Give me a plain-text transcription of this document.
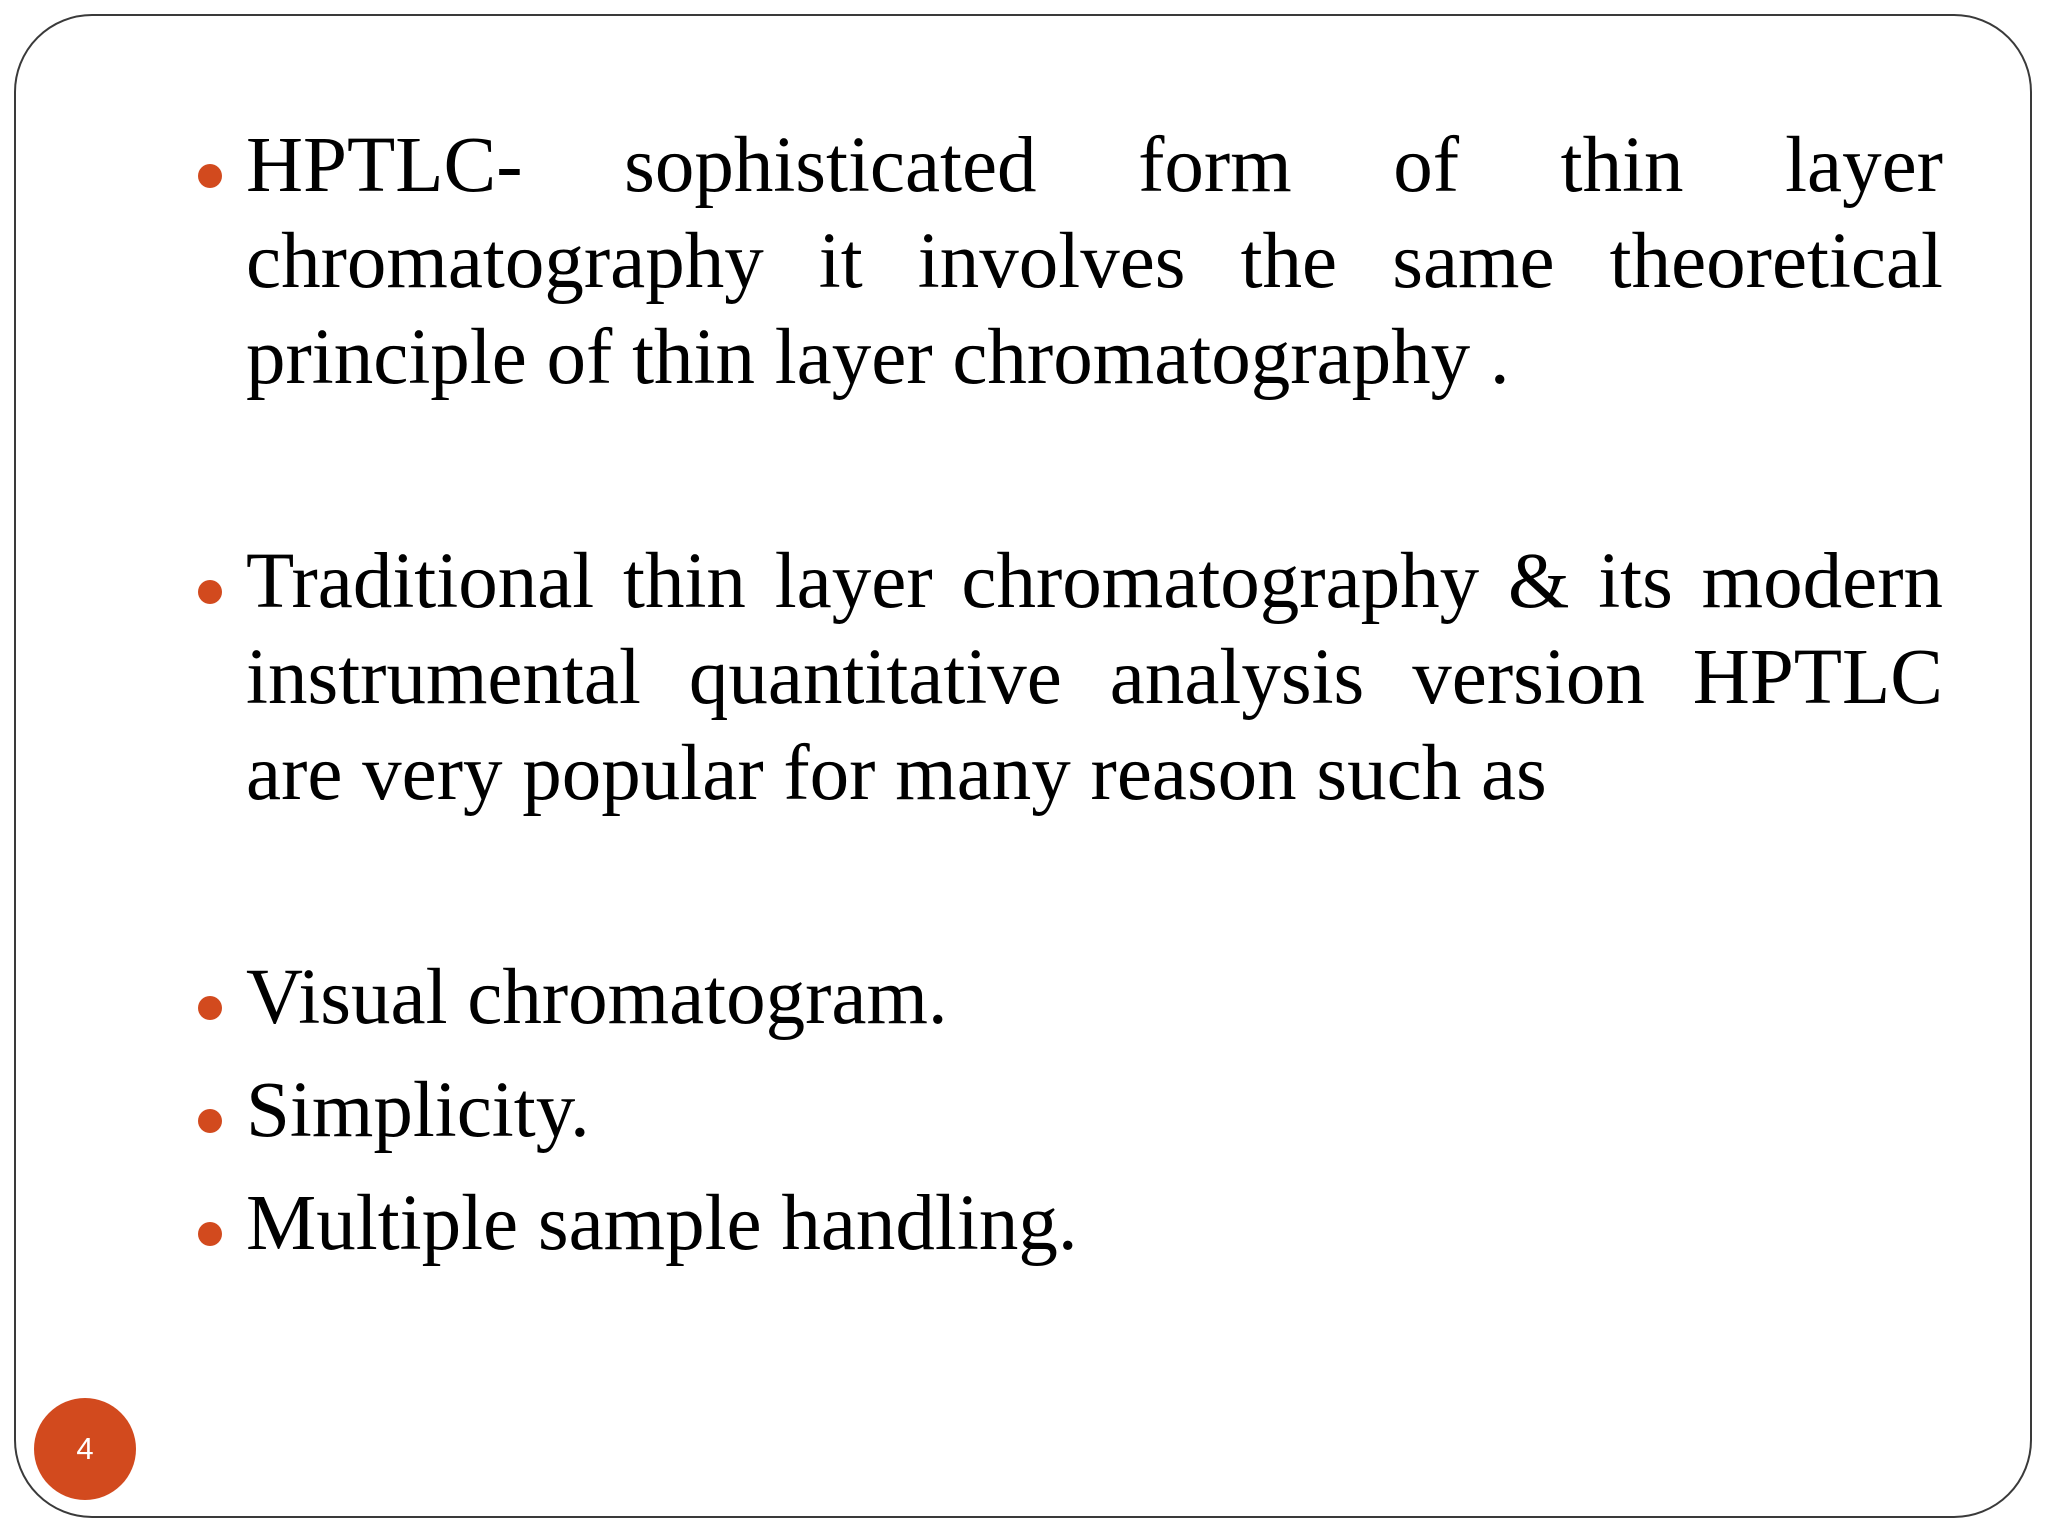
HPTLC- sophisticated form of thin layer chromatography it involves the same theoretical principle of thin layer chromatography .

Traditional thin layer chromatography & its modern instrumental quantitative analysis version HPTLC are very popular for many reason such as

Visual chromatogram.

Simplicity.

Multiple sample handling.

4
